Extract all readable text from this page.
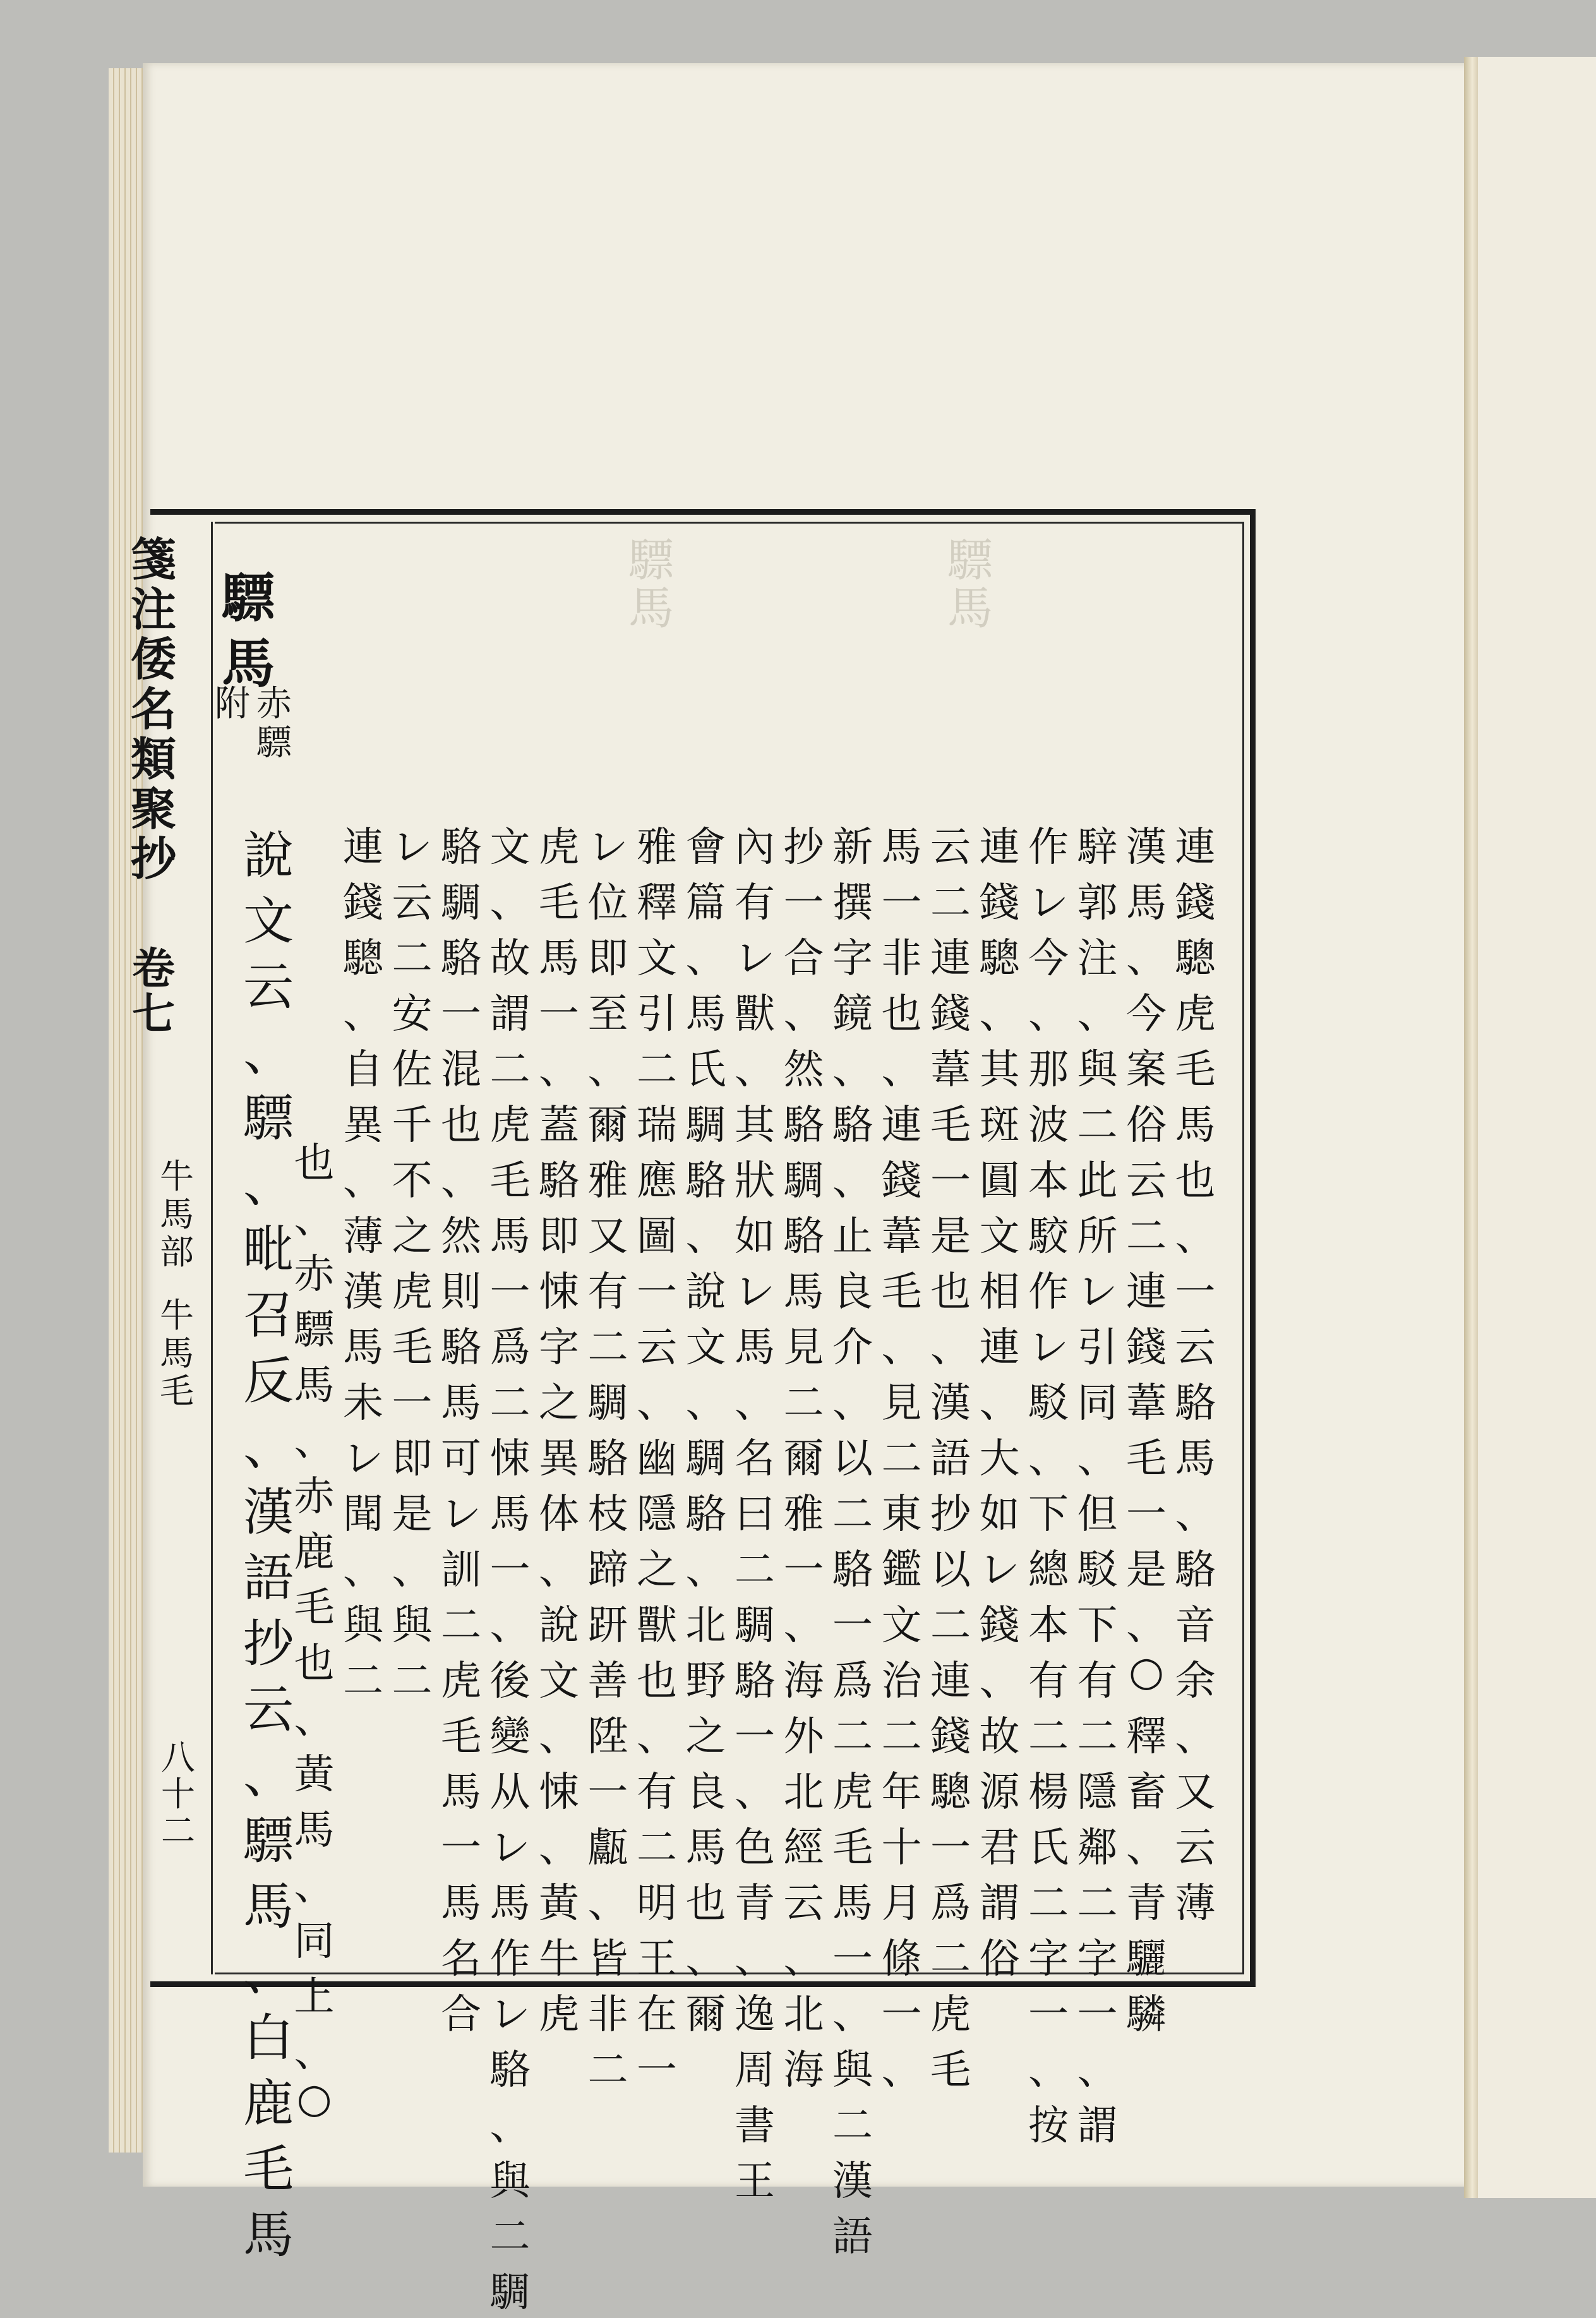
驃
馬
驃
馬
箋
注
倭
名
類
聚
抄
卷
七
牛
馬
部
牛
馬
毛
八
十
二
驃
馬
附 赤
驃
說
文
云
、
驃
、
毗
召
反
、
漢
語
抄
云
、
驃
馬
、
白
鹿
毛
馬
也
、
赤
驃
馬
、
赤
鹿
毛
也
、
黃
馬
、
同
上
、
○
連
錢
驄
、
自
異
、
薄
漢
馬
未
レ
聞
、
與
二
レ
云
二
安
佐
千
不
之
虎
毛
一
即
是
、
與
二
駱
騆
駱
一
混
也
、
然
則
駱
馬
可
レ
訓
二
虎
毛
馬
一
馬
名
合
文
、
故
謂
二
虎
毛
馬
一
爲
二
悚
馬
一
、
後
變
从
レ
馬
作
レ
駱
、
與
二
騆
虎
毛
馬
一
、
蓋
駱
即
悚
字
之
異
体
、
說
文
、
悚
、
黃
牛
虎
レ
位
即
至
、
爾
雅
又
有
二
騆
駱
枝
蹄
趼
善
陞
一
甗
、
皆
非
二
雅
釋
文
引
二
瑞
應
圖
一
云
、
幽
隱
之
獸
也
、
有
二
明
王
在
一
會
篇
、
馬
氏
騆
駱
、
說
文
、
騆
駱
、
北
野
之
良
馬
也
、
爾
內
有
レ
獸
、
其
狀
如
レ
馬
、
名
曰
二
騆
駱
一
、
色
青
、
逸
周
書
王
抄
一
合
、
然
駱
騆
駱
馬
見
二
爾
雅
一
、
海
外
北
經
云
、
北
海
新
撰
字
鏡
、
駱
、
止
良
介
、
以
二
駱
一
爲
二
虎
毛
馬
一
、
與
二
漢
語
馬
一
非
也
、
連
錢
葦
毛
、
見
二
東
鑑
文
治
二
年
十
月
條
一
、
云
二
連
錢
葦
毛
一
是
也
、
漢
語
抄
以
二
連
錢
驄
一
爲
二
虎
毛
連
錢
驄
、
其
斑
圓
文
相
連
、
大
如
レ
錢
、
故
源
君
謂
俗
作
レ
今
、
那
波
本
駮
作
レ
駁
、
下
總
本
有
二
楊
氏
二
字
一
、
按
騂
郭
注
、
與
二
此
所
レ
引
同
、
但
駁
下
有
二
隱
鄰
二
字
一
、
謂
漢
馬
、
今
案
俗
云
二
連
錢
葦
毛
一
是
、
○
釋
畜
、
青
驪
驎
連
錢
驄
虎
毛
馬
也
、
一
云
駱
馬
、
駱
音
余
、
又
云
薄
